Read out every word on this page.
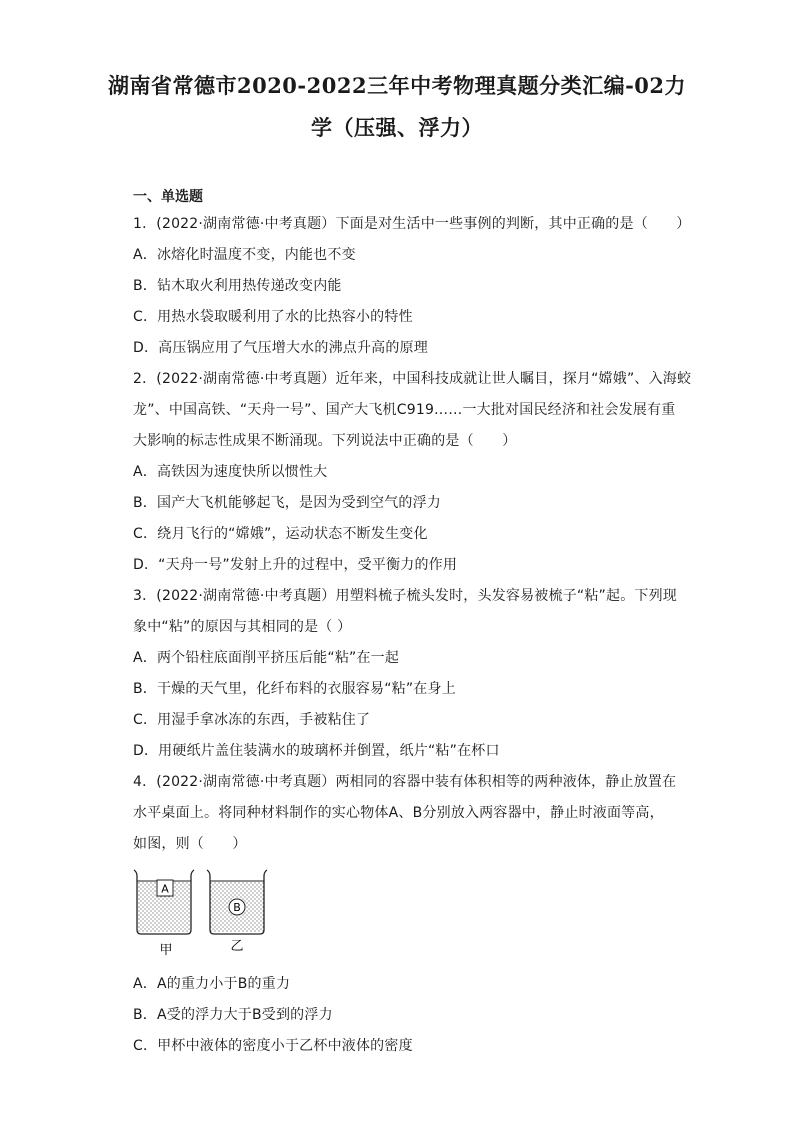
湖南省常德市2020-2022三年中考物理真题分类汇编-02力
学（压强、浮力）
一、单选题
1．(2022·湖南常德·中考真题）下面是对生活中一些事例的判断，其中正确的是（　　）
A．冰熔化时温度不变，内能也不变
B．钻木取火利用热传递改变内能
C．用热水袋取暖利用了水的比热容小的特性
D．高压锅应用了气压增大水的沸点升高的原理
2．(2022·湖南常德·中考真题）近年来，中国科技成就让世人瞩目，探月“嫦娥”、入海蛟
龙”、中国高铁、“天舟一号”、国产大飞机C919……一大批对国民经济和社会发展有重
大影响的标志性成果不断涌现。下列说法中正确的是（　　）
A．高铁因为速度快所以惯性大
B．国产大飞机能够起飞，是因为受到空气的浮力
C．绕月飞行的“嫦娥”，运动状态不断发生变化
D．“天舟一号”发射上升的过程中，受平衡力的作用
3．(2022·湖南常德·中考真题）用塑料梳子梳头发时，头发容易被梳子“粘”起。下列现
象中“粘”的原因与其相同的是（ ）
A．两个铅柱底面削平挤压后能“粘”在一起
B．干燥的天气里，化纤布料的衣服容易“粘”在身上
C．用湿手拿冰冻的东西，手被粘住了
D．用硬纸片盖住装满水的玻璃杯并倒置，纸片“粘”在杯口
4．(2022·湖南常德·中考真题）两相同的容器中装有体积相等的两种液体，静止放置在
水平桌面上。将同种材料制作的实心物体A、B分别放入两容器中，静止时液面等高，
如图，则（　　）
A
B
甲	乙
A．A的重力小于B的重力
B．A受的浮力大于B受到的浮力
C．甲杯中液体的密度小于乙杯中液体的密度
